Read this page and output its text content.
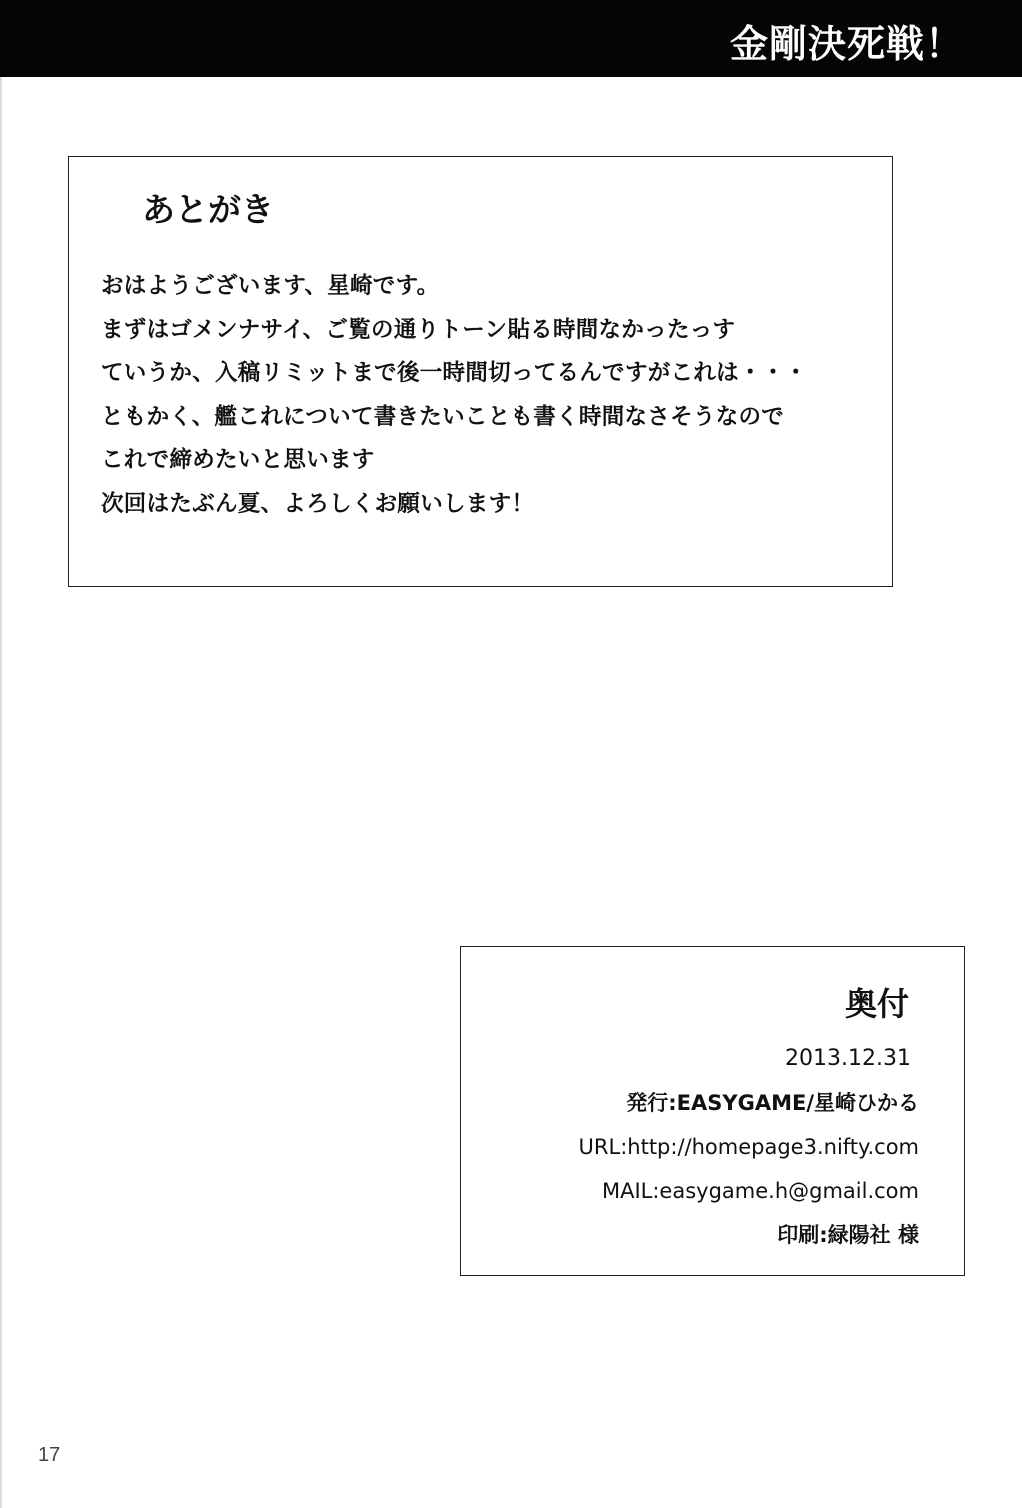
金剛決死戦！
あとがき
おはようございます、星崎です。
まずはゴメンナサイ、ご覧の通りトーン貼る時間なかったっす
ていうか、入稿リミットまで後一時間切ってるんですがこれは・・・
ともかく、艦これについて書きたいことも書く時間なさそうなので
これで締めたいと思います
次回はたぶん夏、よろしくお願いします！
奥付
2013.12.31
発行:EASYGAME/星崎ひかる
URL:http://homepage3.nifty.com
MAIL:easygame.h@gmail.com
印刷:緑陽社 様
17
